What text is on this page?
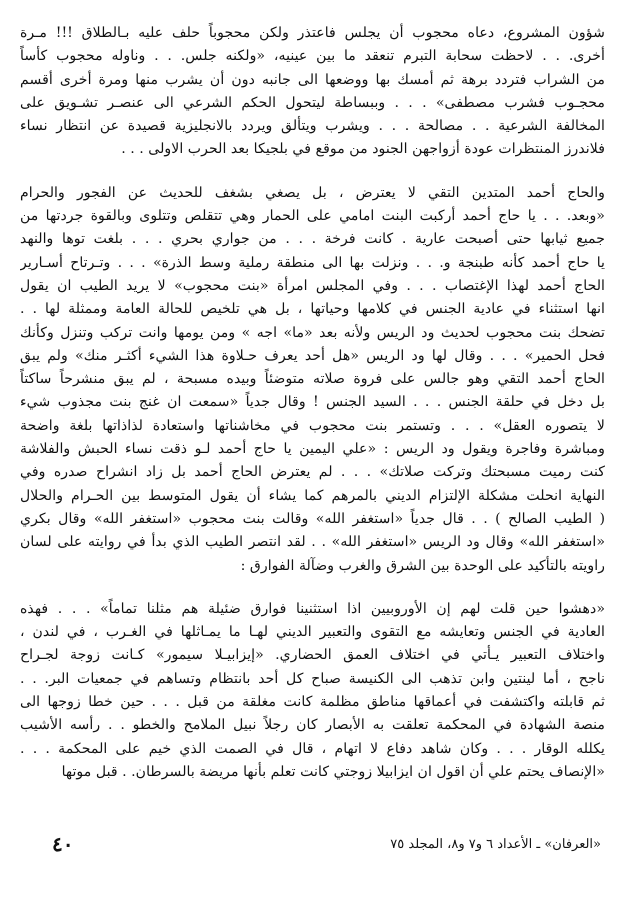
شؤون المشروع، دعاه محجوب أن يجلس فاعتذر ولكن محجوباً حلف عليه بـالطلاق !!! مـرة
أخرى. . . لاحظت سحابة التبرم تنعقد ما بين عينيه، «ولكنه جلس. . . وناوله محجوب كأساً
من الشراب فتردد برهة ثم أمسك بها ووضعها الى جانبه دون أن يشرب منها ومرة أخرى أقسم
محجـوب فشرب مصطفى» . . . وببساطة ليتحول الحكم الشرعي الى عنصـر تشـويق على
المخالفة الشرعية . . مصالحة . . . ويشرب ويتألق ويردد بالانجليزية قصيدة عن انتظار نساء
فلاندرز المنتظرات عودة أزواجهن الجنود من موقع في بلجيكا بعد الحرب الاولى . . .
والحاج أحمد المتدين التقي لا يعترض ، بل يصغي بشغف للحديث عن الفجور والحرام
«وبعد. . . يا حاج أحمد أركبت البنت امامي على الحمار وهي تتقلص وتتلوى وبالقوة جردتها من
جميع ثيابها حتى أصبحت عارية . كانت فرخة . . . من جواري بحري . . . بلغت توها والنهد
يا حاج أحمد كأنه طبنجة و. . . ونزلت بها الى منطقة رملية وسط الذرة» . . . وتـرتاح أسـارير
الحاج أحمد لهذا الإغتصاب . . . وفي المجلس امرأة «بنت محجوب» لا يريد الطيب ان يقول
انها استثناء في عادية الجنس في كلامها وحياتها ، بل هي تلخيص للحالة العامة وممثلة لها . .
تضحك بنت محجوب لحديث ود الريس ولأنه بعد «ما» اجه » ومن يومها وانت تركب وتنزل وكأنك
فحل الحمير» . . . وقال لها ود الريس «هل أحد يعرف حـلاوة هذا الشيء أكثـر منك» ولم يبق
الحاج أحمد التقي وهو جالس على فروة صلاته متوضئاً وبيده مسبحة ، لم يبق منشرحاً ساكتاً
بل دخل في حلقة الجنس . . . السيد الجنس ! وقال جدياً «سمعت ان غنج بنت مجذوب شيء
لا يتصوره العقل» . . . وتستمر بنت محجوب في مخاشناتها واستعادة لذاذاتها بلغة واضحة
ومباشرة وفاجرة ويقول ود الريس : «علي اليمين يا حاج أحمد لـو ذقت نساء الحبش والفلاشة
كنت رميت مسبحتك وتركت صلاتك» . . . لم يعترض الحاج أحمد بل زاد انشراح صدره وفي
النهاية انحلت مشكلة الإلتزام الديني بالمرهم كما يشاء أن يقول المتوسط بين الحـرام والحلال
( الطيب الصالح ) . . قال جدياً «استغفر الله» وقالت بنت محجوب «استغفر الله» وقال بكري
«استغفر الله» وقال ود الريس «استغفر الله» . . لقد انتصر الطيب الذي بدأ في روايته على لسان
راويته بالتأكيد على الوحدة بين الشرق والغرب وضآلة الفوارق :
«دهشوا حين قلت لهم إن الأوروبيين اذا استثنينا فوارق ضئيلة هم مثلنا تماماً» . . . فهذه
العادية في الجنس وتعايشه مع التقوى والتعبير الديني لهـا ما يمـاثلها في الغـرب ، في لندن ،
واختلاف التعبير يـأتي في اختلاف العمق الحضاري. «إيزابيـلا سيمور» كـانت زوجة لجـراح
ناجح ، أما لينتين وابن تذهب الى الكنيسة صباح كل أحد بانتظام وتساهم في جمعيات البر. . .
ثم قابلته واكتشفت في أعماقها مناطق مظلمة كانت مغلقة من قبل . . . حين خطا زوجها الى
منصة الشهادة في المحكمة تعلقت به الأبصار كان رجلاً نبيل الملامح والخطو . . رأسه الأشيب
يكلله الوقار . . . وكان شاهد دفاع لا اتهام ، قال في الصمت الذي خيم على المحكمة . . .
«الإنصاف يحتم علي أن اقول ان ايزابيلا زوجتي كانت تعلم بأنها مريضة بالسرطان. . قبل موتها
٤٠	«العرفان» ـ الأعداد ٦ و٧ و٨، المجلد ٧٥
